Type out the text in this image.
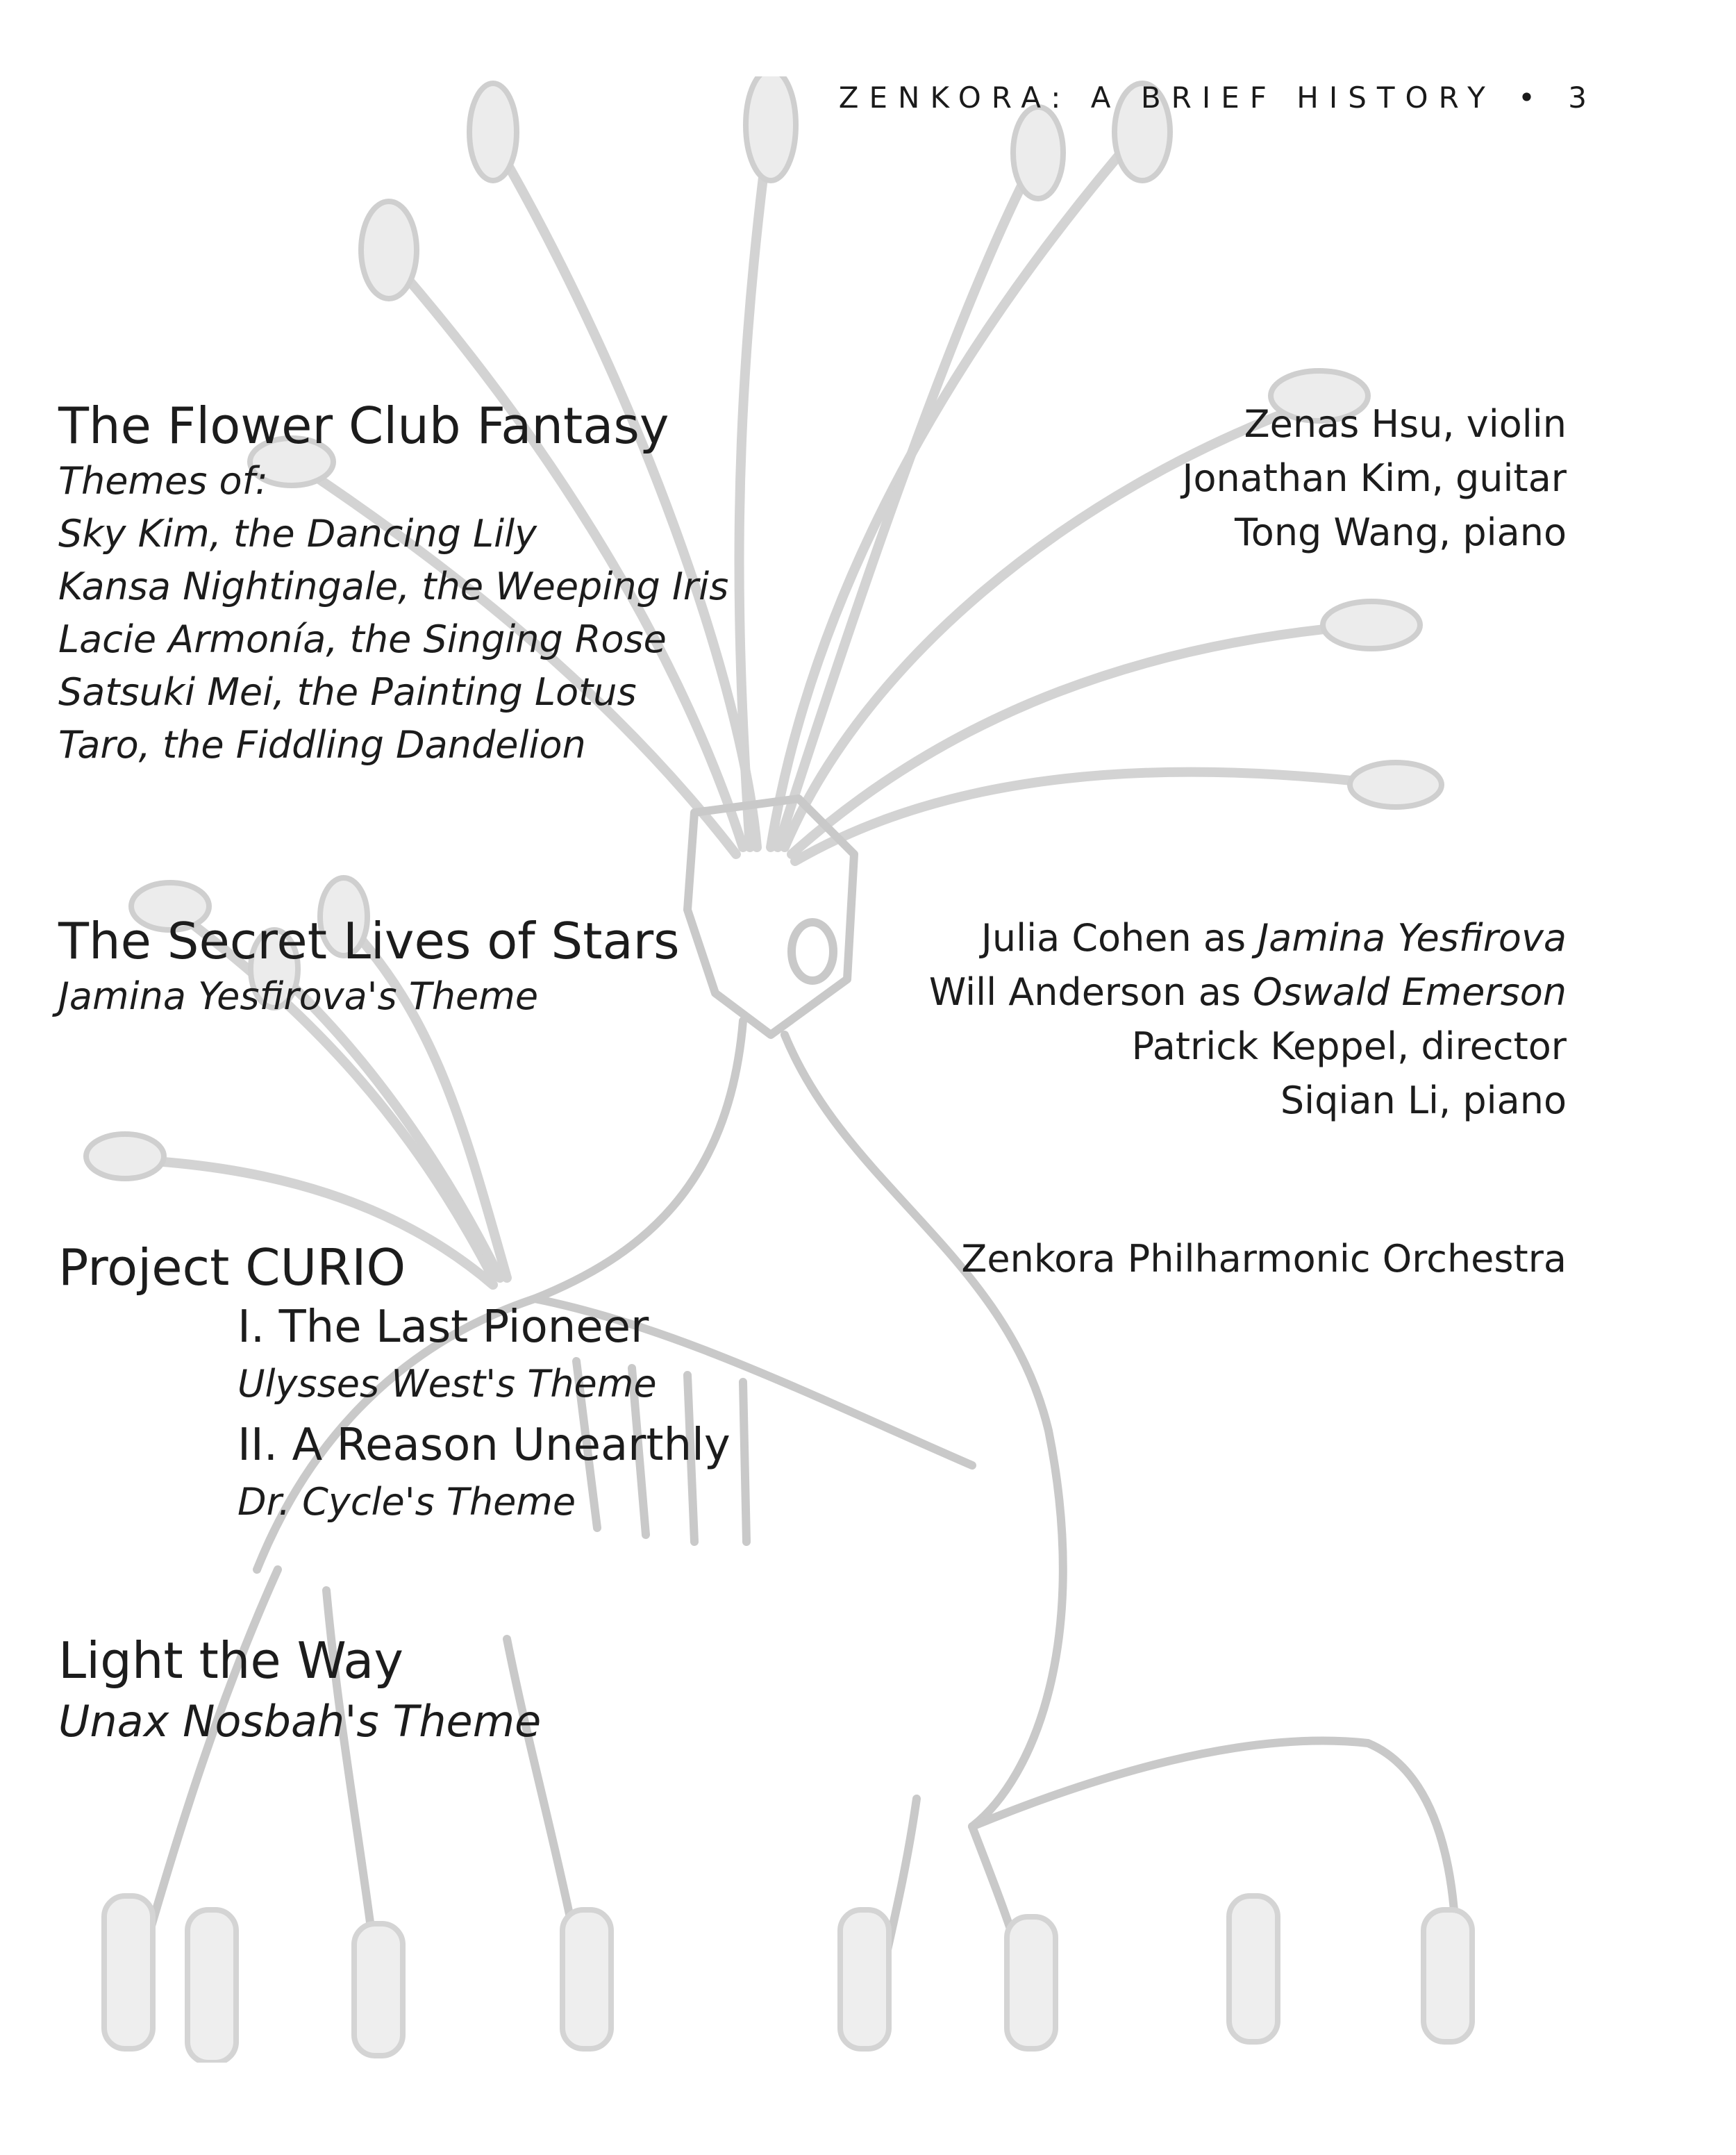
ZENKORA: A BRIEF HISTORY • 3
The Flower Club Fantasy
Themes of:
Sky Kim, the Dancing Lily
Kansa Nightingale, the Weeping Iris
Lacie Armonía, the Singing Rose
Satsuki Mei, the Painting Lotus
Taro, the Fiddling Dandelion
Zenas Hsu, violin
Jonathan Kim, guitar
Tong Wang, piano
The Secret Lives of Stars
Jamina Yesfirova's Theme
Julia Cohen as Jamina Yesfirova
Will Anderson as Oswald Emerson
Patrick Keppel, director
Siqian Li, piano
Project CURIO
I. The Last Pioneer
Ulysses West's Theme
II. A Reason Unearthly
Dr. Cycle's Theme
Zenkora Philharmonic Orchestra
Light the Way
Unax Nosbah's Theme
